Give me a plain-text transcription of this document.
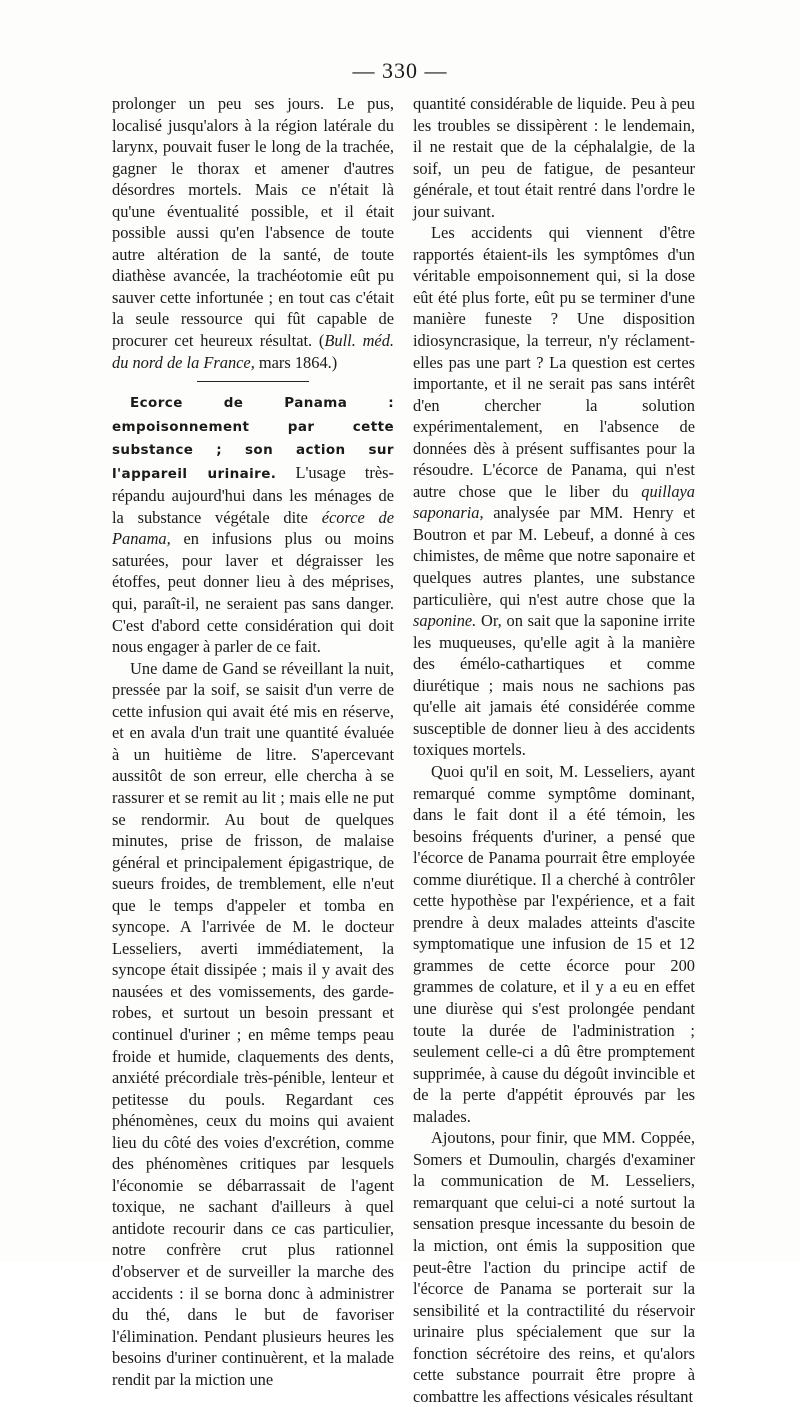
— 330 —

prolonger un peu ses jours. Le pus, localisé jusqu'alors à la région latérale du larynx, pouvait fuser le long de la trachée, gagner le thorax et amener d'autres désordres mortels. Mais ce n'était là qu'une éventualité possible, et il était possible aussi qu'en l'absence de toute autre altération de la santé, de toute diathèse avancée, la trachéotomie eût pu sauver cette infortunée ; en tout cas c'était la seule ressource qui fût capable de procurer cet heureux résultat. (Bull. méd. du nord de la France, mars 1864.)

Ecorce de Panama : empoisonnement par cette substance ; son action sur l'appareil urinaire. L'usage très-répandu aujourd'hui dans les ménages de la substance végétale dite écorce de Panama, en infusions plus ou moins saturées, pour laver et dégraisser les étoffes, peut donner lieu à des méprises, qui, paraît-il, ne seraient pas sans danger. C'est d'abord cette considération qui doit nous engager à parler de ce fait.

Une dame de Gand se réveillant la nuit, pressée par la soif, se saisit d'un verre de cette infusion qui avait été mis en réserve, et en avala d'un trait une quantité évaluée à un huitième de litre. S'apercevant aussitôt de son erreur, elle chercha à se rassurer et se remit au lit ; mais elle ne put se rendormir. Au bout de quelques minutes, prise de frisson, de malaise général et principalement épigastrique, de sueurs froides, de tremblement, elle n'eut que le temps d'appeler et tomba en syncope. A l'arrivée de M. le docteur Lesseliers, averti immédiatement, la syncope était dissipée ; mais il y avait des nausées et des vomissements, des garde-robes, et surtout un besoin pressant et continuel d'uriner ; en même temps peau froide et humide, claquements des dents, anxiété précordiale très-pénible, lenteur et petitesse du pouls. Regardant ces phénomènes, ceux du moins qui avaient lieu du côté des voies d'excrétion, comme des phénomènes critiques par lesquels l'économie se débarrassait de l'agent toxique, ne sachant d'ailleurs à quel antidote recourir dans ce cas particulier, notre confrère crut plus rationnel d'observer et de surveiller la marche des accidents : il se borna donc à administrer du thé, dans le but de favoriser l'élimination. Pendant plusieurs heures les besoins d'uriner continuèrent, et la malade rendit par la miction une

quantité considérable de liquide. Peu à peu les troubles se dissipèrent : le lendemain, il ne restait que de la céphalalgie, de la soif, un peu de fatigue, de pesanteur générale, et tout était rentré dans l'ordre le jour suivant.

Les accidents qui viennent d'être rapportés étaient-ils les symptômes d'un véritable empoisonnement qui, si la dose eût été plus forte, eût pu se terminer d'une manière funeste ? Une disposition idiosyncrasique, la terreur, n'y réclament-elles pas une part ? La question est certes importante, et il ne serait pas sans intérêt d'en chercher la solution expérimentalement, en l'absence de données dès à présent suffisantes pour la résoudre. L'écorce de Panama, qui n'est autre chose que le liber du quillaya saponaria, analysée par MM. Henry et Boutron et par M. Lebeuf, a donné à ces chimistes, de même que notre saponaire et quelques autres plantes, une substance particulière, qui n'est autre chose que la saponine. Or, on sait que la saponine irrite les muqueuses, qu'elle agit à la manière des émélo-cathartiques et comme diurétique ; mais nous ne sachions pas qu'elle ait jamais été considérée comme susceptible de donner lieu à des accidents toxiques mortels.

Quoi qu'il en soit, M. Lesseliers, ayant remarqué comme symptôme dominant, dans le fait dont il a été témoin, les besoins fréquents d'uriner, a pensé que l'écorce de Panama pourrait être employée comme diurétique. Il a cherché à contrôler cette hypothèse par l'expérience, et a fait prendre à deux malades atteints d'ascite symptomatique une infusion de 15 et 12 grammes de cette écorce pour 200 grammes de colature, et il y a eu en effet une diurèse qui s'est prolongée pendant toute la durée de l'administration ; seulement celle-ci a dû être promptement supprimée, à cause du dégoût invincible et de la perte d'appétit éprouvés par les malades.

Ajoutons, pour finir, que MM. Coppée, Somers et Dumoulin, chargés d'examiner la communication de M. Lesseliers, remarquant que celui-ci a noté surtout la sensation presque incessante du besoin de la miction, ont émis la supposition que peut-être l'action du principe actif de l'écorce de Panama se porterait sur la sensibilité et la contractilité du réservoir urinaire plus spécialement que sur la fonction sécrétoire des reins, et qu'alors cette substance pourrait être propre à combattre les affections vésicales résultant
